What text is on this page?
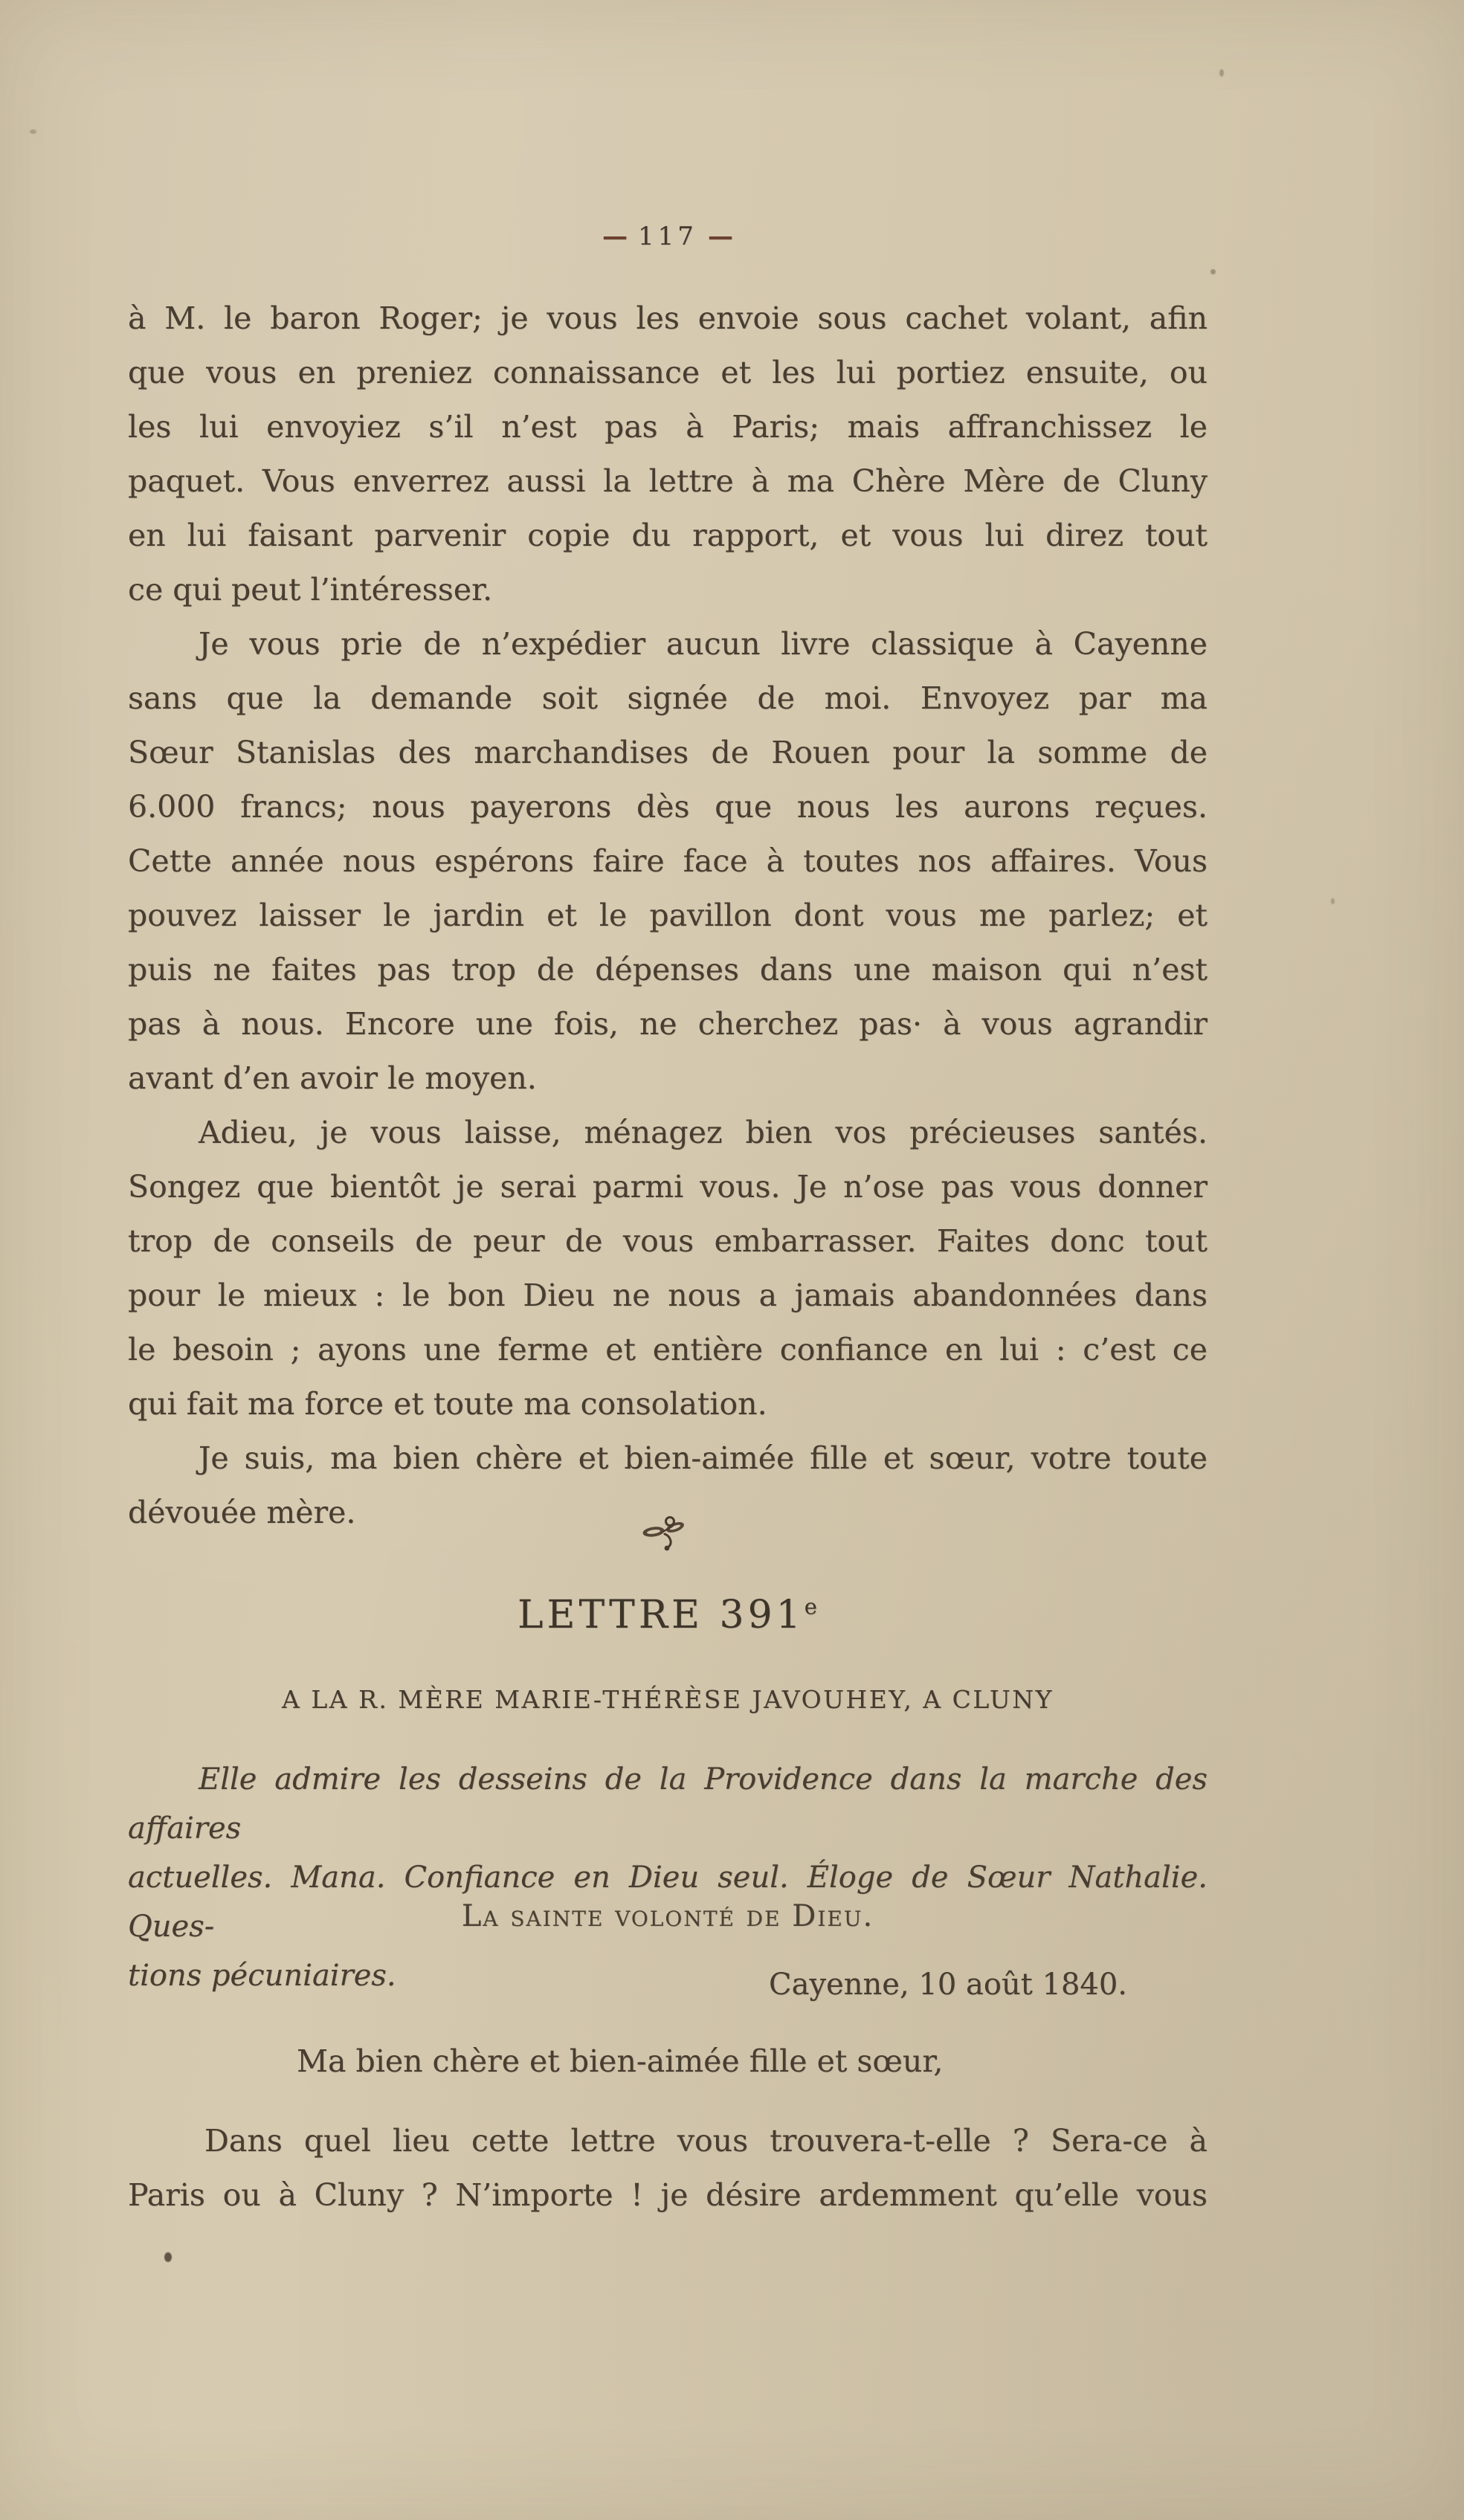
— 117 —
à M. le baron Roger; je vous les envoie sous cachet volant, afin
que vous en preniez connaissance et les lui portiez ensuite, ou
les lui envoyiez s’il n’est pas à Paris; mais affranchissez le
paquet. Vous enverrez aussi la lettre à ma Chère Mère de Cluny
en lui faisant parvenir copie du rapport, et vous lui direz tout
ce qui peut l’intéresser.
Je vous prie de n’expédier aucun livre classique à Cayenne
sans que la demande soit signée de moi. Envoyez par ma
Sœur Stanislas des marchandises de Rouen pour la somme de
6.000 francs; nous payerons dès que nous les aurons reçues.
Cette année nous espérons faire face à toutes nos affaires. Vous
pouvez laisser le jardin et le pavillon dont vous me parlez; et
puis ne faites pas trop de dépenses dans une maison qui n’est
pas à nous. Encore une fois, ne cherchez pas· à vous agrandir
avant d’en avoir le moyen.
Adieu, je vous laisse, ménagez bien vos précieuses santés.
Songez que bientôt je serai parmi vous. Je n’ose pas vous donner
trop de conseils de peur de vous embarrasser. Faites donc tout
pour le mieux : le bon Dieu ne nous a jamais abandonnées dans
le besoin ; ayons une ferme et entière confiance en lui : c’est ce
qui fait ma force et toute ma consolation.
Je suis, ma bien chère et bien-aimée fille et sœur, votre toute
dévouée mère.
LETTRE 391e
A LA R. MÈRE MARIE-THÉRÈSE JAVOUHEY, A CLUNY
Elle admire les desseins de la Providence dans la marche des affaires
actuelles. Mana. Confiance en Dieu seul. Éloge de Sœur Nathalie. Ques-
tions pécuniaires.
La sainte volonté de Dieu.
Cayenne, 10 août 1840.
Ma bien chère et bien-aimée fille et sœur,
Dans quel lieu cette lettre vous trouvera-t-elle ? Sera-ce à
Paris ou à Cluny ? N’importe ! je désire ardemment qu’elle vous
